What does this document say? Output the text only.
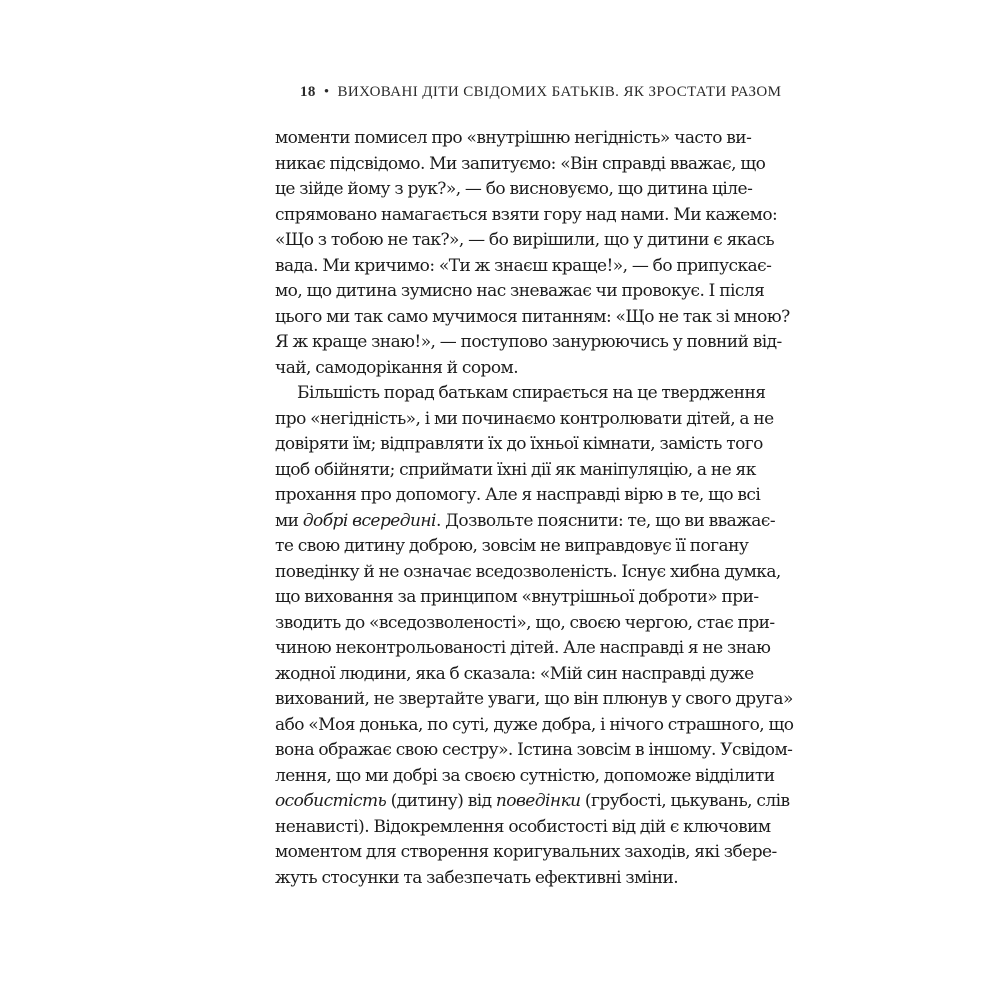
18 • ВИХОВАНІ ДІТИ СВІДОМИХ БАТЬКІВ. ЯК ЗРОСТАТИ РАЗОМ
моменти помисел про «внутрішню негідність» часто ви-
никає підсвідомо. Ми запитуємо: «Він справді вважає, що
це зійде йому з рук?», — бо висновуємо, що дитина ціле-
спрямовано намагається взяти гору над нами. Ми кажемо:
«Що з тобою не так?», — бо вирішили, що у дитини є якась
вада. Ми кричимо: «Ти ж знаєш краще!», — бо припускає-
мо, що дитина зумисно нас зневажає чи провокує. І після
цього ми так само мучимося питанням: «Що не так зі мною?
Я ж краще знаю!», — поступово занурюючись у повний від-
чай, самодорікання й сором.
Більшість порад батькам спирається на це твердження
про «негідність», і ми починаємо контролювати дітей, а не
довіряти їм; відправляти їх до їхньої кімнати, замість того
щоб обійняти; сприймати їхні дії як маніпуляцію, а не як
прохання про допомогу. Але я насправді вірю в те, що всі
ми добрі всередині. Дозвольте пояснити: те, що ви вважає-
те свою дитину доброю, зовсім не виправдовує її погану
поведінку й не означає вседозволеність. Існує хибна думка,
що виховання за принципом «внутрішньої доброти» при-
зводить до «вседозволеності», що, своєю чергою, стає при-
чиною неконтрольованості дітей. Але насправді я не знаю
жодної людини, яка б сказала: «Мій син насправді дуже
вихований, не звертайте уваги, що він плюнув у свого друга»
або «Моя донька, по суті, дуже добра, і нічого страшного, що
вона ображає свою сестру». Істина зовсім в іншому. Усвідом-
лення, що ми добрі за своєю сутністю, допоможе відділити
особистість (дитину) від поведінки (грубості, цькувань, слів
ненависті). Відокремлення особистості від дій є ключовим
моментом для створення коригувальних заходів, які збере-
жуть стосунки та забезпечать ефективні зміни.
